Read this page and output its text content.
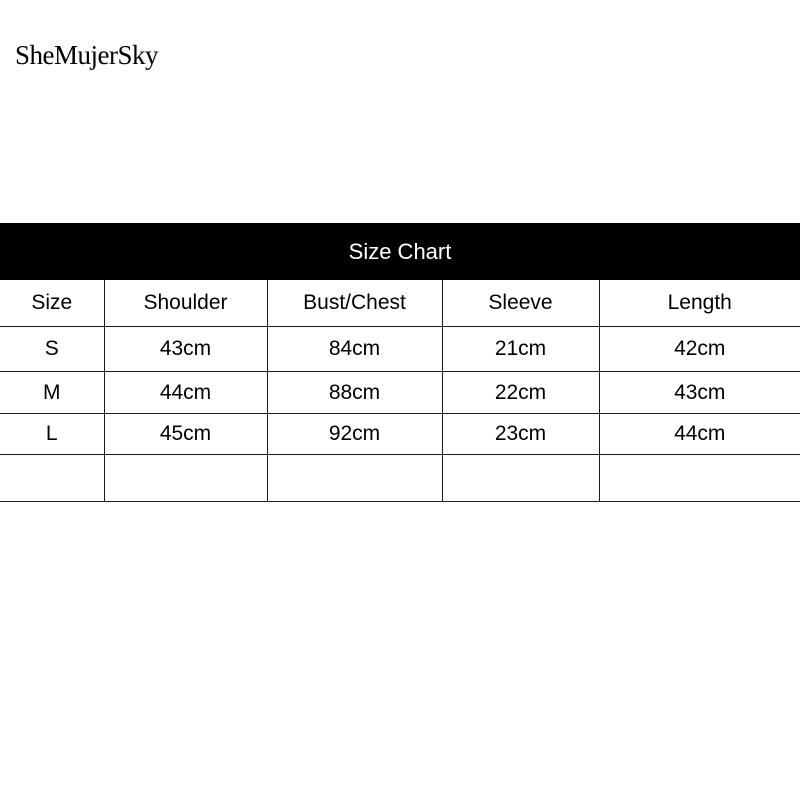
SheMujerSky
Size Chart
Size	Shoulder	Bust/Chest	Sleeve	Length
S	43cm	84cm	21cm	42cm
M	44cm	88cm	22cm	43cm
L	45cm	92cm	23cm	44cm
